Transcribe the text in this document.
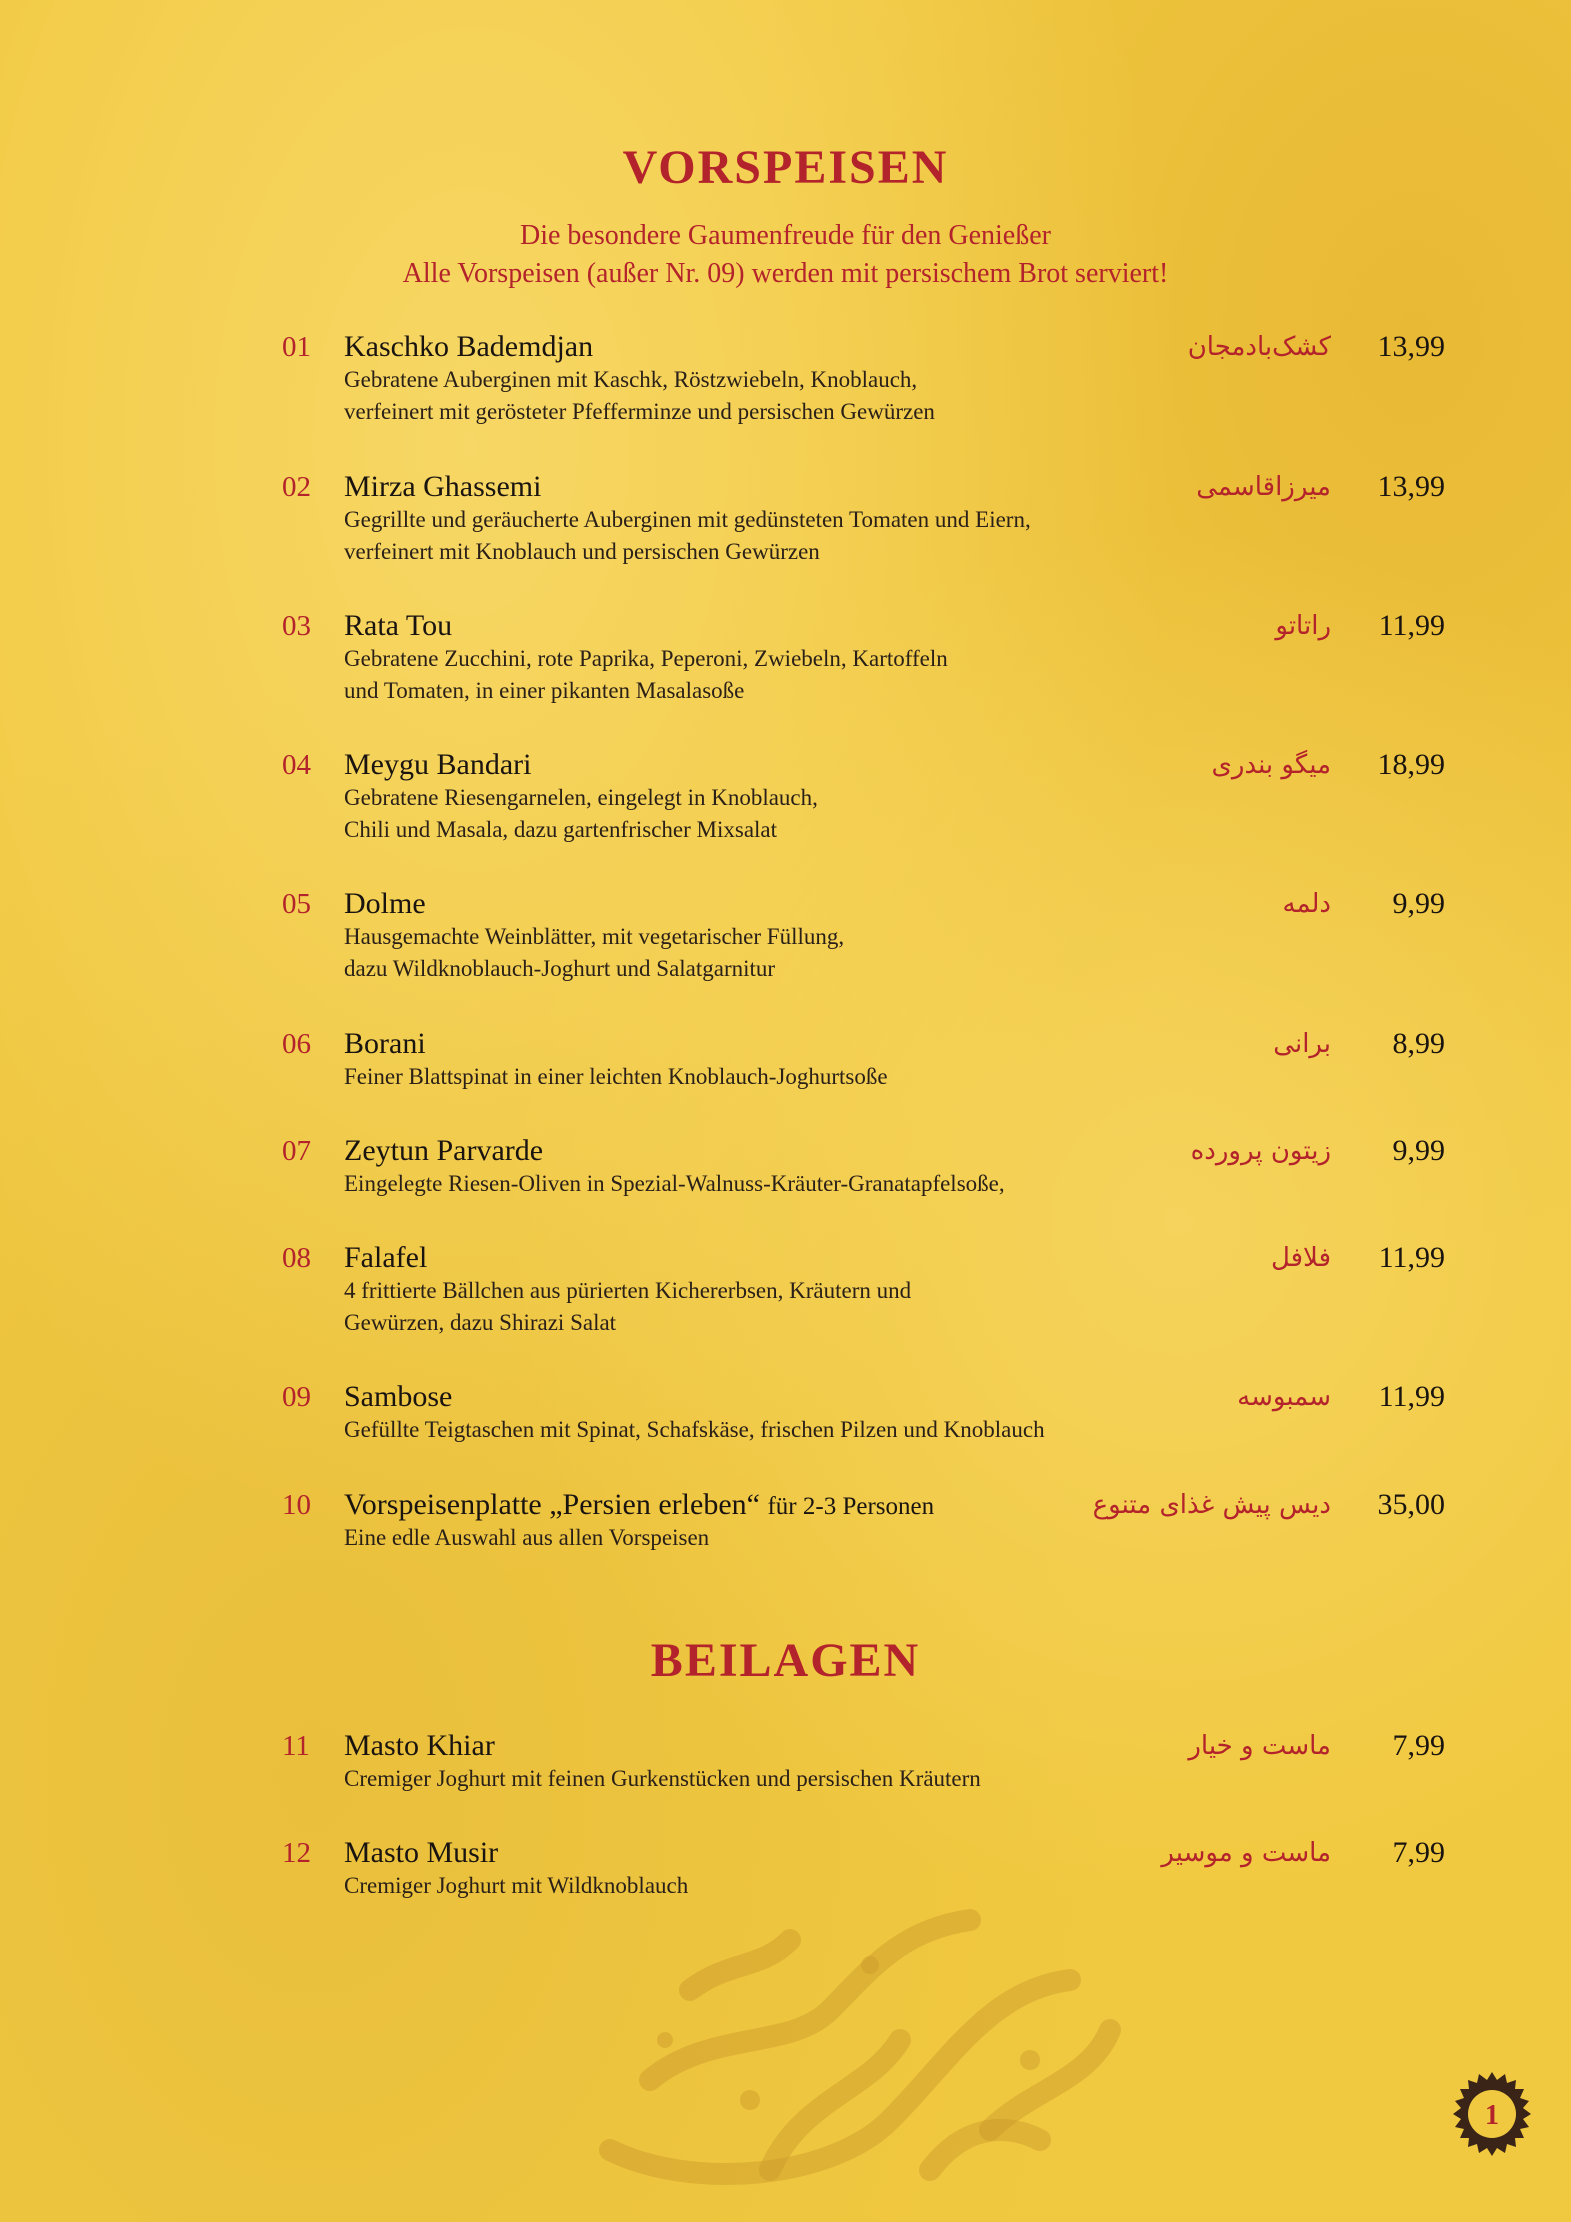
VORSPEISEN
Die besondere Gaumenfreude für den Genießer
Alle Vorspeisen (außer Nr. 09) werden mit persischem Brot serviert!
01 Kaschko Bademdjan
Gebratene Auberginen mit Kaschk, Röstzwiebeln, Knoblauch,
verfeinert mit gerösteter Pfefferminze und persischen Gewürzen
کشک‌بادمجان 13,99
02 Mirza Ghassemi
Gegrillte und geräucherte Auberginen mit gedünsteten Tomaten und Eiern,
verfeinert mit Knoblauch und persischen Gewürzen
میرزاقاسمی 13,99
03 Rata Tou
Gebratene Zucchini, rote Paprika, Peperoni, Zwiebeln, Kartoffeln
und Tomaten, in einer pikanten Masalasoße
راتاتو 11,99
04 Meygu Bandari
Gebratene Riesengarnelen, eingelegt in Knoblauch,
Chili und Masala, dazu gartenfrischer Mixsalat
میگو بندری 18,99
05 Dolme
Hausgemachte Weinblätter, mit vegetarischer Füllung,
dazu Wildknoblauch-Joghurt und Salatgarnitur
دلمه 9,99
06 Borani
Feiner Blattspinat in einer leichten Knoblauch-Joghurtsoße
برانی 8,99
07 Zeytun Parvarde
Eingelegte Riesen-Oliven in Spezial-Walnuss-Kräuter-Granatapfelsoße,
زیتون پرورده 9,99
08 Falafel
4 frittierte Bällchen aus pürierten Kichererbsen, Kräutern und
Gewürzen, dazu Shirazi Salat
فلافل 11,99
09 Sambose
Gefüllte Teigtaschen mit Spinat, Schafskäse, frischen Pilzen und Knoblauch
سمبوسه 11,99
10 Vorspeisenplatte „Persien erleben“ für 2-3 Personen
Eine edle Auswahl aus allen Vorspeisen
دیس پیش غذای متنوع 35,00
BEILAGEN
11 Masto Khiar
Cremiger Joghurt mit feinen Gurkenstücken und persischen Kräutern
ماست و خیار 7,99
12 Masto Musir
Cremiger Joghurt mit Wildknoblauch
ماست و موسیر 7,99
1
